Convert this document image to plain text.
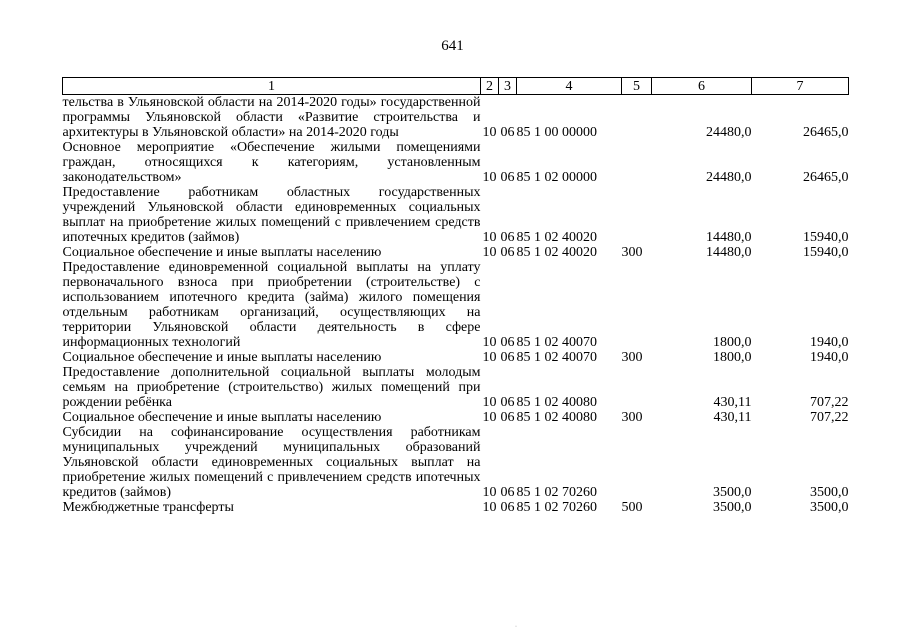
641
1	2	3	4	5	6	7
тельства в Ульяновской области на 2014-2020 годы» государственной программы Ульяновской области «Развитие строительства и архитектуры в Ульяновской области» на 2014-2020 годы	10	06	85 1 00 00000		24480,0	26465,0
Основное мероприятие «Обеспечение жилыми помещениями граждан, относящихся к категориям, установленным законодательством»	10	06	85 1 02 00000		24480,0	26465,0
Предоставление работникам областных государственных учреждений Ульяновской области единовременных социальных выплат на приобретение жилых помещений с привлечением средств ипотечных кредитов (займов)	10	06	85 1 02 40020		14480,0	15940,0
Социальное обеспечение и иные выплаты населению	10	06	85 1 02 40020	300	14480,0	15940,0
Предоставление единовременной социальной выплаты на уплату первоначального взноса при приобретении (строительстве) с использованием ипотечного кредита (займа) жилого помещения отдельным работникам организаций, осуществляющих на территории Ульяновской области деятельность в сфере информационных технологий	10	06	85 1 02 40070		1800,0	1940,0
Социальное обеспечение и иные выплаты населению	10	06	85 1 02 40070	300	1800,0	1940,0
Предоставление дополнительной социальной выплаты молодым семьям на приобретение (строительство) жилых помещений при рождении ребёнка	10	06	85 1 02 40080		430,11	707,22
Социальное обеспечение и иные выплаты населению	10	06	85 1 02 40080	300	430,11	707,22
Субсидии на софинансирование осуществления работникам муниципальных учреждений муниципальных образований Ульяновской области единовременных социальных выплат на приобретение жилых помещений с привлечением средств ипотечных кредитов (займов)	10	06	85 1 02 70260		3500,0	3500,0
Межбюджетные трансферты	10	06	85 1 02 70260	500	3500,0	3500,0
·
